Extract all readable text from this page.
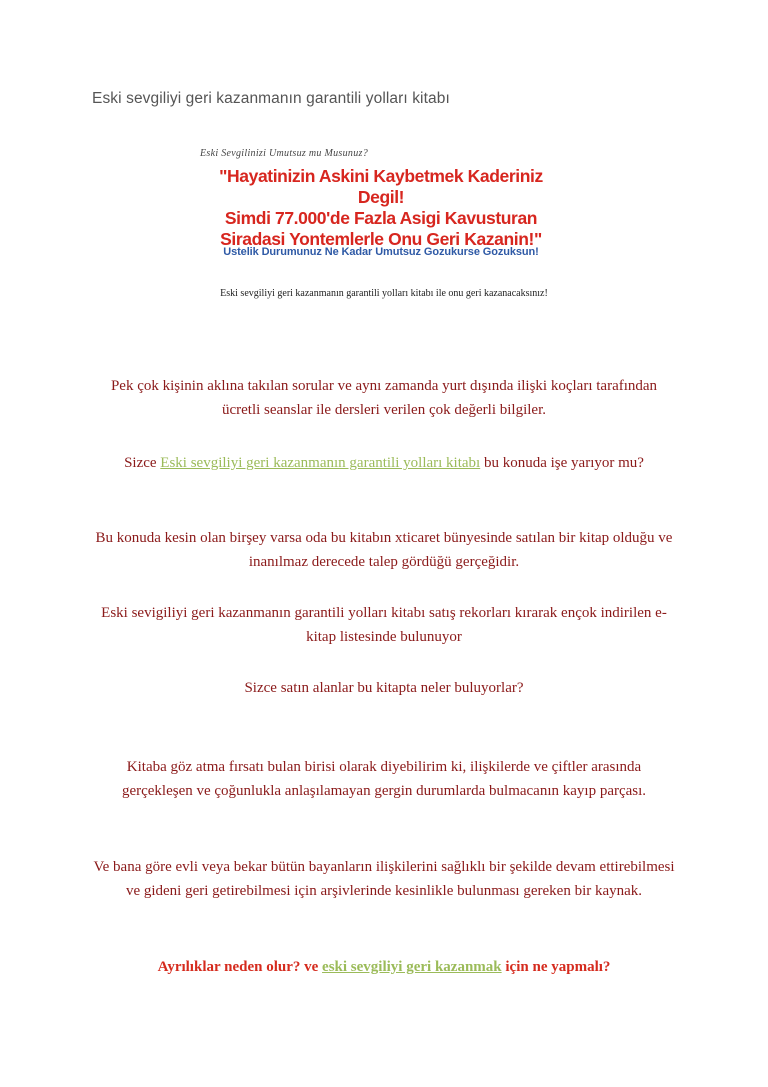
Eski sevgiliyi geri kazanmanın garantili yolları kitabı
Eski Sevgilinizi Umutsuz mu Musunuz?
"Hayatinizin Askini Kaybetmek Kaderiniz Degil!
Simdi 77.000'de Fazla Asigi Kavusturan
Siradasi Yontemlerle Onu Geri Kazanin!"
Ustelik Durumunuz Ne Kadar Umutsuz Gozukurse Gozuksun!
Eski sevgiliyi geri kazanmanın garantili yolları kitabı ile onu geri kazanacaksınız!

Pek çok kişinin aklına takılan sorular ve aynı zamanda yurt dışında ilişki koçları tarafından ücretli seanslar ile dersleri verilen çok değerli bilgiler.

Sizce Eski sevgiliyi geri kazanmanın garantili yolları kitabı bu konuda işe yarıyor mu?

Bu konuda kesin olan birşey varsa oda bu kitabın xticaret bünyesinde satılan bir kitap olduğu ve inanılmaz derecede talep gördüğü gerçeğidir.

Eski sevigiliyi geri kazanmanın garantili yolları kitabı satış rekorları kırarak ençok indirilen e-kitap listesinde bulunuyor

Sizce satın alanlar bu kitapta neler buluyorlar?

Kitaba göz atma fırsatı bulan birisi olarak diyebilirim ki, ilişkilerde ve çiftler arasında gerçekleşen ve çoğunlukla anlaşılamayan gergin durumlarda bulmacanın kayıp parçası.

Ve bana göre evli veya bekar bütün bayanların ilişkilerini sağlıklı bir şekilde devam ettirebilmesi ve gideni geri getirebilmesi için arşivlerinde kesinlikle bulunması gereken bir kaynak.

Ayrılıklar neden olur? ve eski sevgiliyi geri kazanmak için ne yapmalı?
